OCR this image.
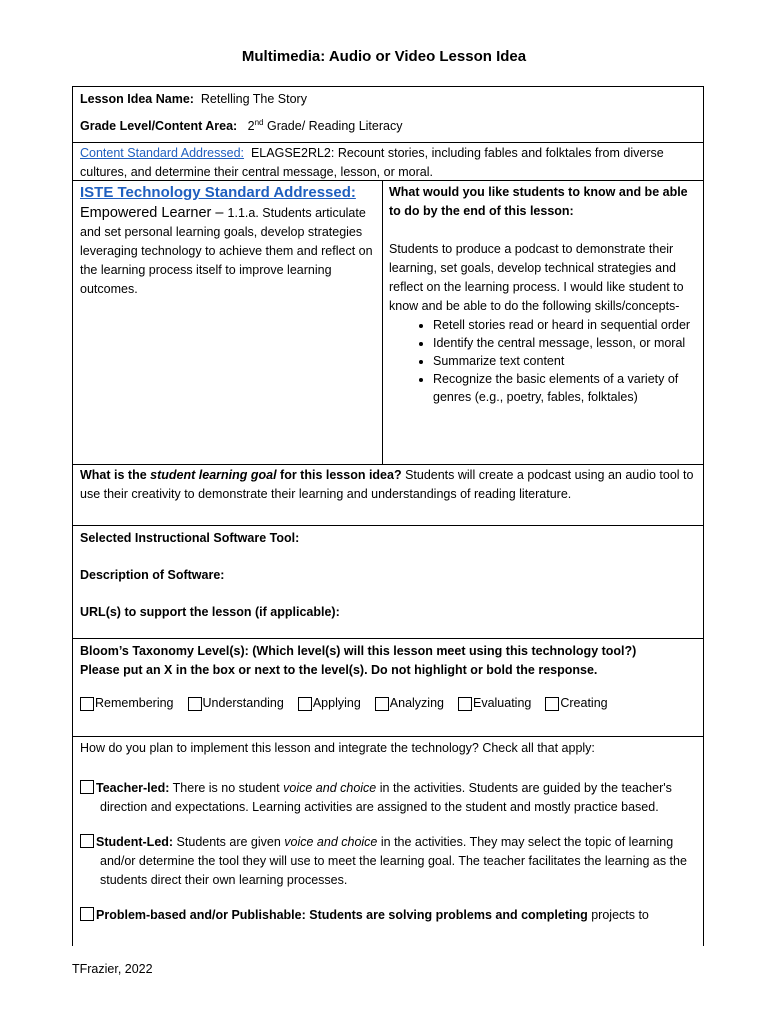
Multimedia: Audio or Video Lesson Idea
Lesson Idea Name: Retelling The Story
Grade Level/Content Area: 2nd Grade/ Reading Literacy
Content Standard Addressed: ELAGSE2RL2: Recount stories, including fables and folktales from diverse cultures, and determine their central message, lesson, or moral.
ISTE Technology Standard Addressed:
Empowered Learner – 1.1.a. Students articulate and set personal learning goals, develop strategies leveraging technology to achieve them and reflect on the learning process itself to improve learning outcomes.
What would you like students to know and be able to do by the end of this lesson:
Students to produce a podcast to demonstrate their learning, set goals, develop technical strategies and reflect on the learning process. I would like student to know and be able to do the following skills/concepts-
• Retell stories read or heard in sequential order
• Identify the central message, lesson, or moral
• Summarize text content
• Recognize the basic elements of a variety of genres (e.g., poetry, fables, folktales)
What is the student learning goal for this lesson idea? Students will create a podcast using an audio tool to use their creativity to demonstrate their learning and understandings of reading literature.
Selected Instructional Software Tool:
Description of Software:
URL(s) to support the lesson (if applicable):
Bloom’s Taxonomy Level(s): (Which level(s) will this lesson meet using this technology tool?)
Please put an X in the box or next to the level(s). Do not highlight or bold the response.
Remembering Understanding Applying Analyzing Evaluating Creating
How do you plan to implement this lesson and integrate the technology? Check all that apply:
Teacher-led: There is no student voice and choice in the activities. Students are guided by the teacher's direction and expectations. Learning activities are assigned to the student and mostly practice based.
Student-Led: Students are given voice and choice in the activities. They may select the topic of learning and/or determine the tool they will use to meet the learning goal. The teacher facilitates the learning as the students direct their own learning processes.
Problem-based and/or Publishable: Students are solving problems and completing projects to
TFrazier, 2022
